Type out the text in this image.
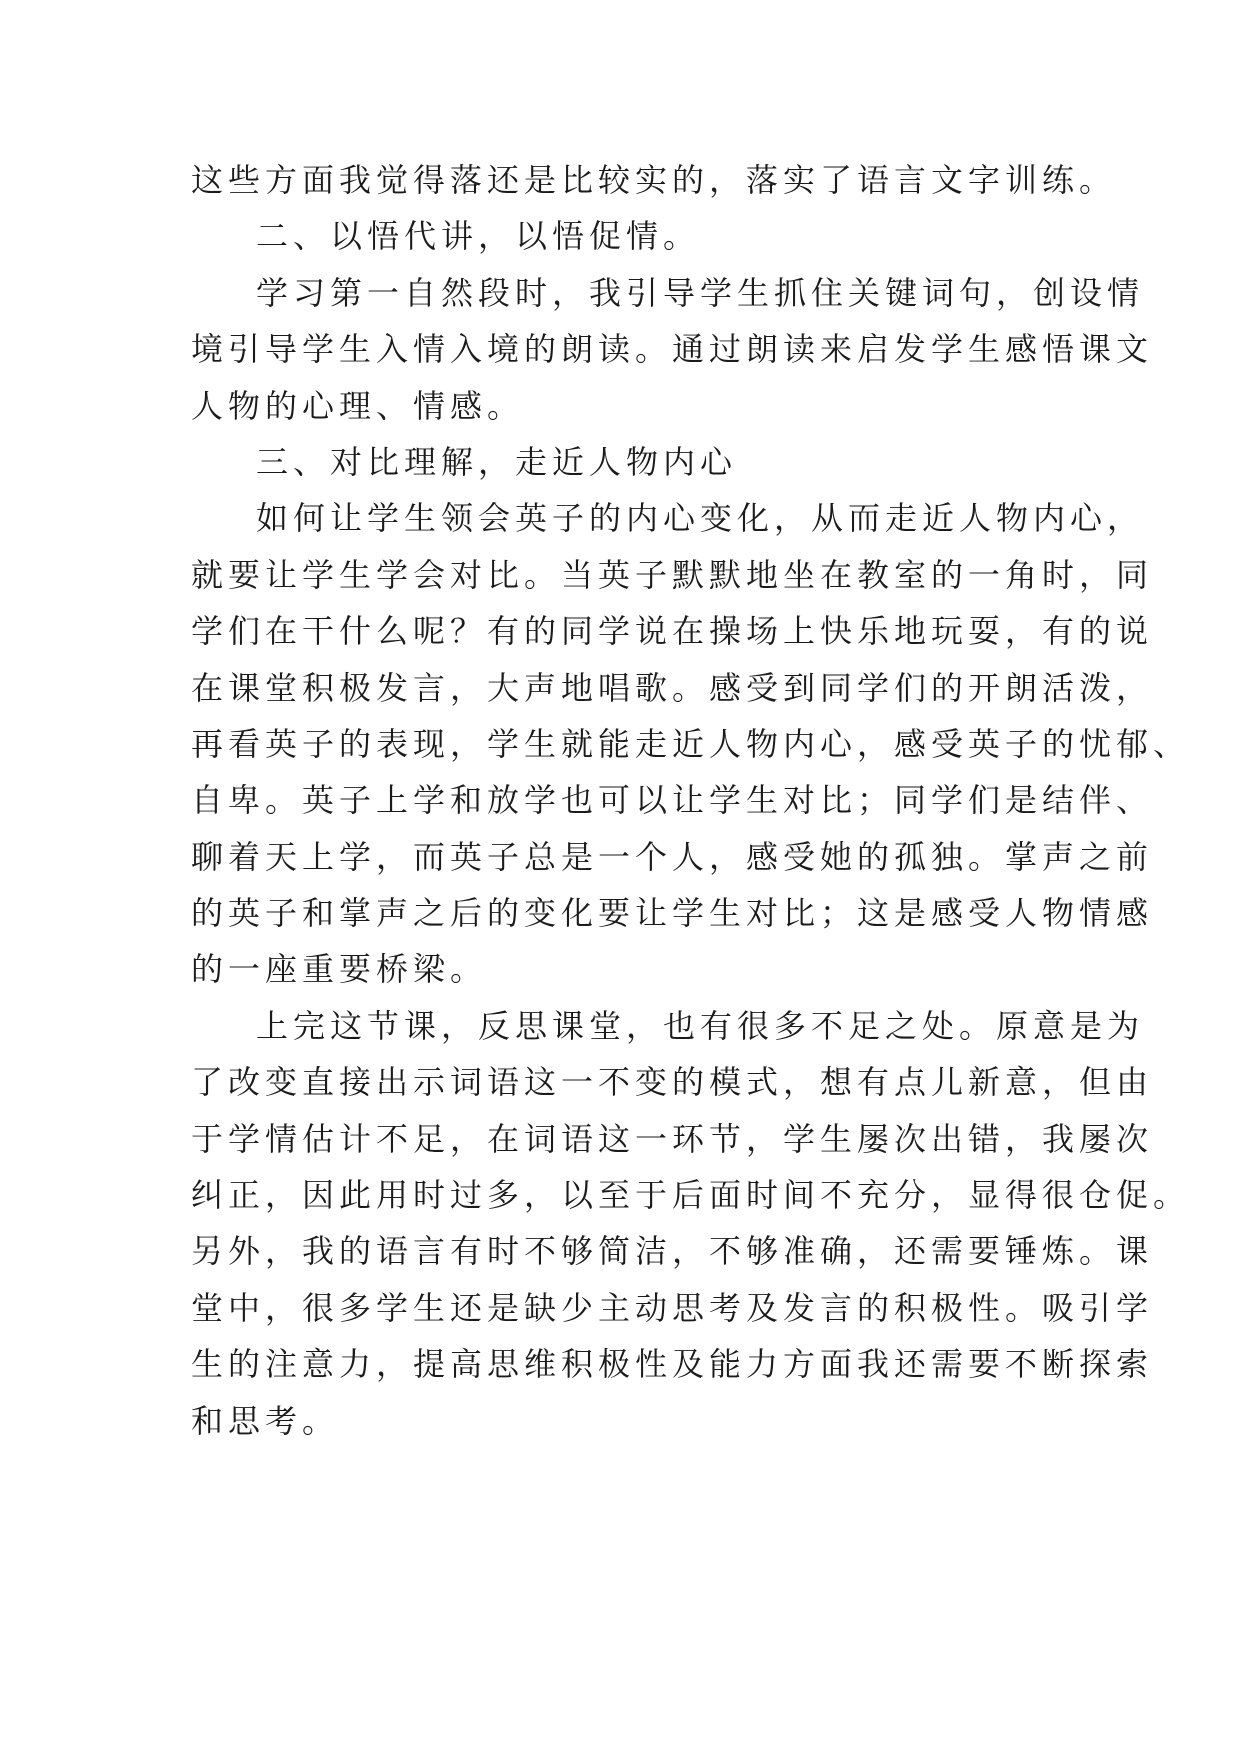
这些方面我觉得落还是比较实的，落实了语言文字训练。
二、以悟代讲，以悟促情。
学习第一自然段时，我引导学生抓住关键词句，创设情
境引导学生入情入境的朗读。通过朗读来启发学生感悟课文
人物的心理、情感。
三、对比理解，走近人物内心
如何让学生领会英子的内心变化，从而走近人物内心，
就要让学生学会对比。当英子默默地坐在教室的一角时，同
学们在干什么呢？有的同学说在操场上快乐地玩耍，有的说
在课堂积极发言，大声地唱歌。感受到同学们的开朗活泼，
再看英子的表现，学生就能走近人物内心，感受英子的忧郁、
自卑。英子上学和放学也可以让学生对比；同学们是结伴、
聊着天上学，而英子总是一个人，感受她的孤独。掌声之前
的英子和掌声之后的变化要让学生对比；这是感受人物情感
的一座重要桥梁。
上完这节课，反思课堂，也有很多不足之处。原意是为
了改变直接出示词语这一不变的模式，想有点儿新意，但由
于学情估计不足，在词语这一环节，学生屡次出错，我屡次
纠正，因此用时过多，以至于后面时间不充分，显得很仓促。
另外，我的语言有时不够简洁，不够准确，还需要锤炼。课
堂中，很多学生还是缺少主动思考及发言的积极性。吸引学
生的注意力，提高思维积极性及能力方面我还需要不断探索
和思考。
